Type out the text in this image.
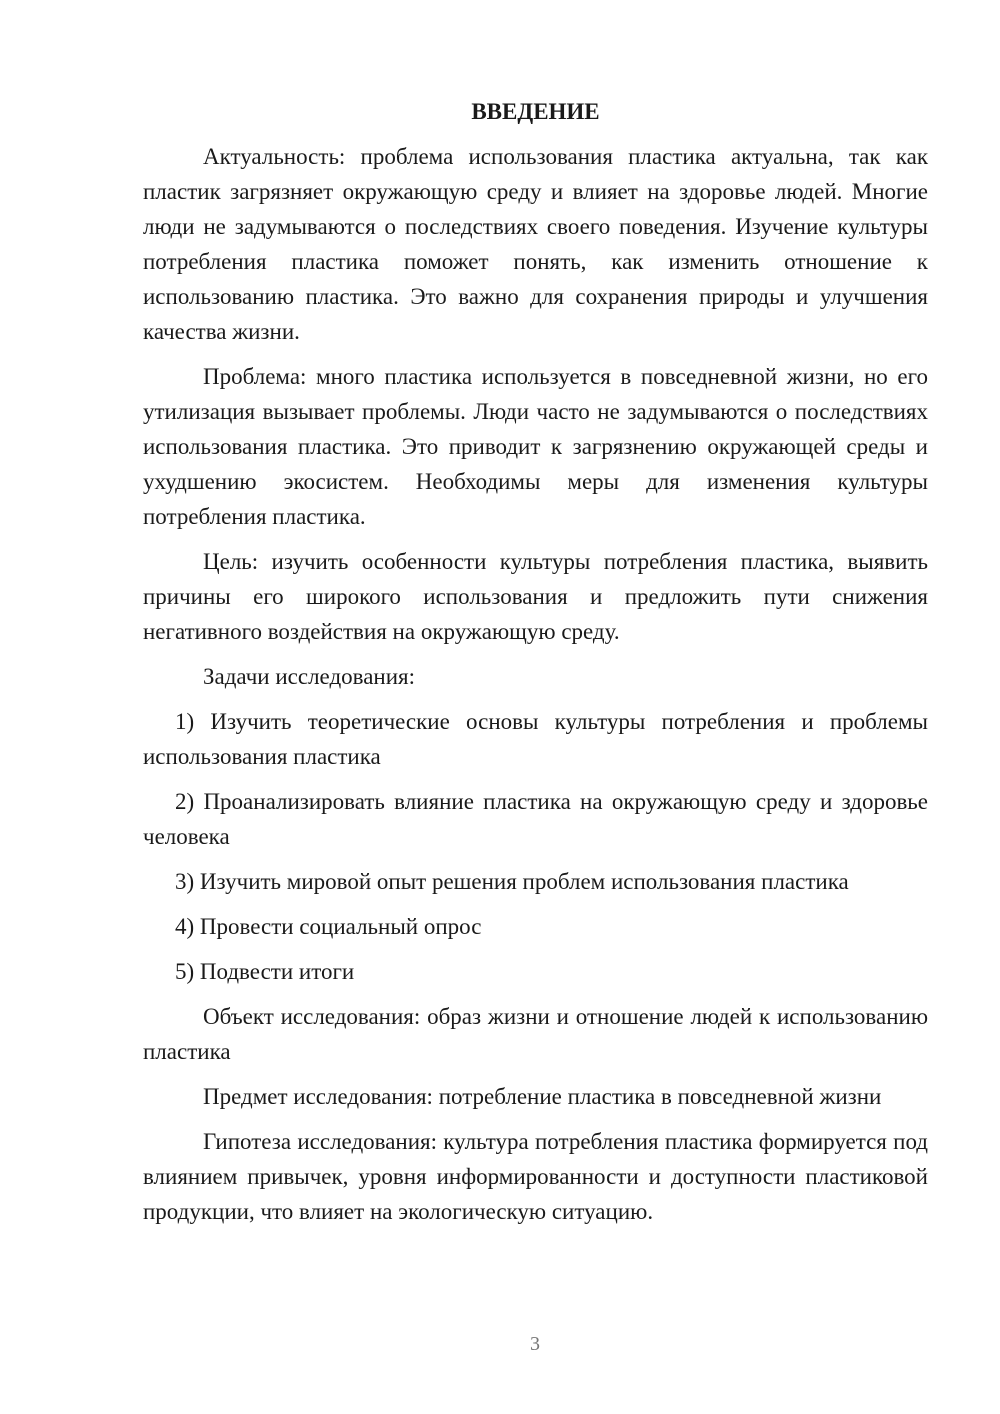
ВВЕДЕНИЕ

Актуальность: проблема использования пластика актуальна, так как пластик загрязняет окружающую среду и влияет на здоровье людей. Многие люди не задумываются о последствиях своего поведения. Изучение культуры потребления пластика поможет понять, как изменить отношение к использованию пластика. Это важно для сохранения природы и улучшения качества жизни.

Проблема: много пластика используется в повседневной жизни, но его утилизация вызывает проблемы. Люди часто не задумываются о последствиях использования пластика. Это приводит к загрязнению окружающей среды и ухудшению экосистем. Необходимы меры для изменения культуры потребления пластика.

Цель: изучить особенности культуры потребления пластика, выявить причины его широкого использования и предложить пути снижения негативного воздействия на окружающую среду.

Задачи исследования:

1) Изучить теоретические основы культуры потребления и проблемы использования пластика

2) Проанализировать влияние пластика на окружающую среду и здоровье человека

3) Изучить мировой опыт решения проблем использования пластика

4) Провести социальный опрос

5) Подвести итоги

Объект исследования: образ жизни и отношение людей к использованию пластика

Предмет исследования: потребление пластика в повседневной жизни

Гипотеза исследования: культура потребления пластика формируется под влиянием привычек, уровня информированности и доступности пластиковой продукции, что влияет на экологическую ситуацию.

3
